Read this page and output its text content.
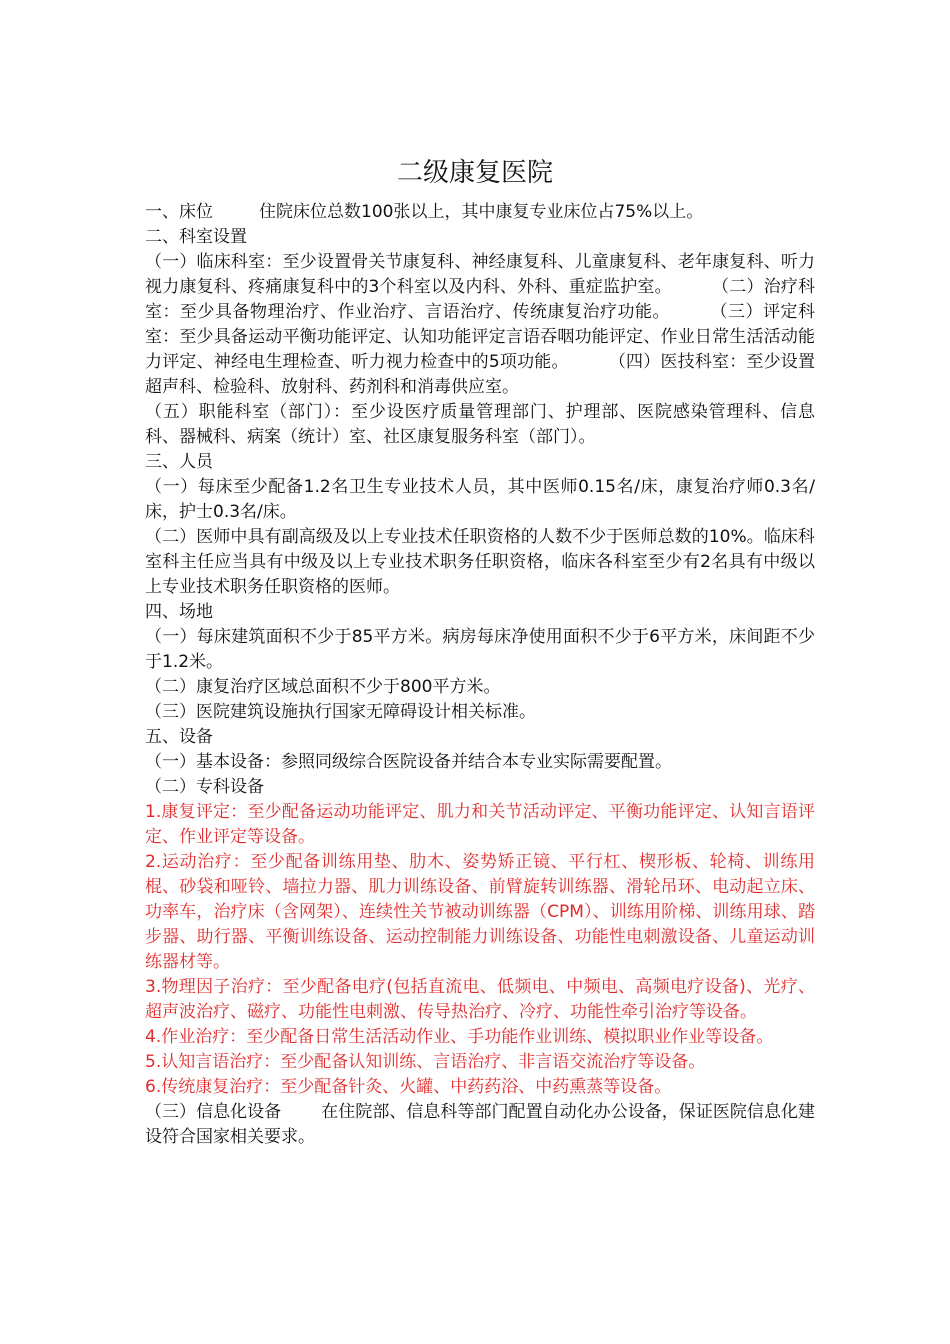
二级康复医院

一、床位	住院床位总数100张以上，其中康复专业床位占75%以上。

二、科室设置

（一）临床科室：至少设置骨关节康复科、神经康复科、儿童康复科、老年康复科、听力视力康复科、疼痛康复科中的3个科室以及内科、外科、重症监护室。 （二）治疗科室：至少具备物理治疗、作业治疗、言语治疗、传统康复治疗功能。 （三）评定科室：至少具备运动平衡功能评定、认知功能评定言语吞咽功能评定、作业日常生活活动能力评定、神经电生理检查、听力视力检查中的5项功能。 （四）医技科室：至少设置超声科、检验科、放射科、药剂科和消毒供应室。

（五）职能科室（部门）：至少设医疗质量管理部门、护理部、医院感染管理科、信息科、器械科、病案（统计）室、社区康复服务科室（部门）。

三、人员

（一）每床至少配备1.2名卫生专业技术人员，其中医师0.15名/床，康复治疗师0.3名/床，护士0.3名/床。

（二）医师中具有副高级及以上专业技术任职资格的人数不少于医师总数的10%。临床科室科主任应当具有中级及以上专业技术职务任职资格，临床各科室至少有2名具有中级以上专业技术职务任职资格的医师。

四、场地

（一）每床建筑面积不少于85平方米。病房每床净使用面积不少于6平方米，床间距不少于1.2米。

（二）康复治疗区域总面积不少于800平方米。

（三）医院建筑设施执行国家无障碍设计相关标准。

五、设备

（一）基本设备：参照同级综合医院设备并结合本专业实际需要配置。

（二）专科设备

1.康复评定：至少配备运动功能评定、肌力和关节活动评定、平衡功能评定、认知言语评定、作业评定等设备。

2.运动治疗：至少配备训练用垫、肋木、姿势矫正镜、平行杠、楔形板、轮椅、训练用棍、砂袋和哑铃、墙拉力器、肌力训练设备、前臂旋转训练器、滑轮吊环、电动起立床、功率车，治疗床（含网架）、连续性关节被动训练器（CPM）、训练用阶梯、训练用球、踏步器、助行器、平衡训练设备、运动控制能力训练设备、功能性电刺激设备、儿童运动训练器材等。

3.物理因子治疗：至少配备电疗(包括直流电、低频电、中频电、高频电疗设备)、光疗、超声波治疗、磁疗、功能性电刺激、传导热治疗、冷疗、功能性牵引治疗等设备。

4.作业治疗：至少配备日常生活活动作业、手功能作业训练、模拟职业作业等设备。

5.认知言语治疗：至少配备认知训练、言语治疗、非言语交流治疗等设备。

6.传统康复治疗：至少配备针灸、火罐、中药药浴、中药熏蒸等设备。

（三）信息化设备 在住院部、信息科等部门配置自动化办公设备，保证医院信息化建设符合国家相关要求。
